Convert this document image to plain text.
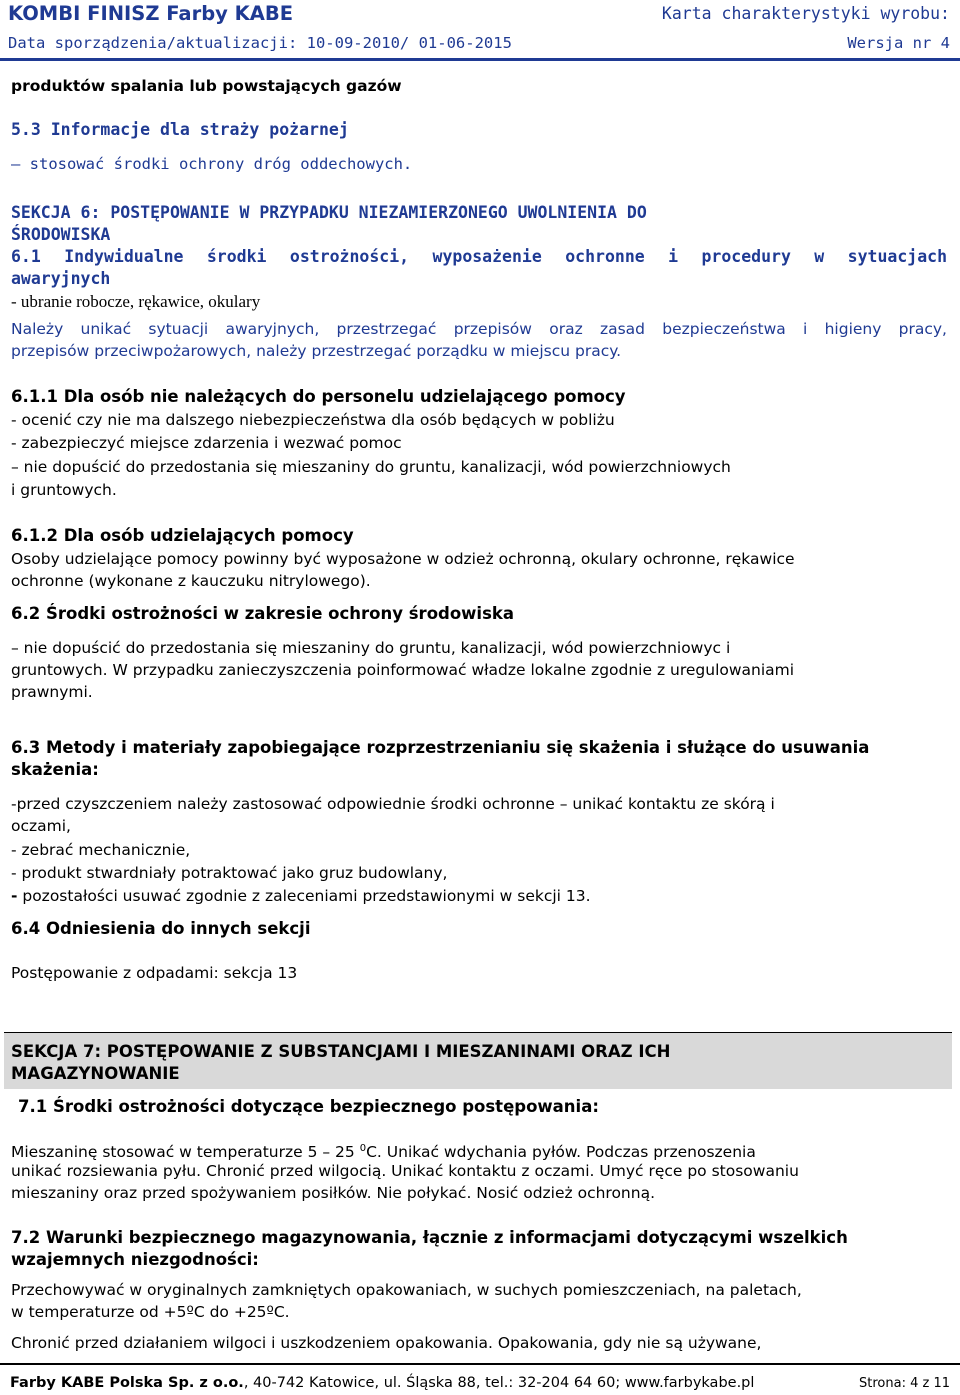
KOMBI FINISZ Farby KABE	Karta charakterystyki wyrobu:
Data sporządzenia/aktualizacji: 10-09-2010/ 01-06-2015	Wersja nr 4
produktów spalania lub powstających gazów
5.3 Informacje dla straży pożarnej
– stosować środki ochrony dróg oddechowych.
SEKCJA 6: POSTĘPOWANIE W PRZYPADKU NIEZAMIERZONEGO UWOLNIENIA DO
ŚRODOWISKA
6.1 Indywidualne środki ostrożności, wyposażenie ochronne i procedury w sytuacjach
awaryjnych
- ubranie robocze, rękawice, okulary
Należy unikać sytuacji awaryjnych, przestrzegać przepisów oraz zasad bezpieczeństwa i higieny pracy,
przepisów przeciwpożarowych, należy przestrzegać porządku w miejscu pracy.
6.1.1 Dla osób nie należących do personelu udzielającego pomocy
- ocenić czy nie ma dalszego niebezpieczeństwa dla osób będących w pobliżu
- zabezpieczyć miejsce zdarzenia i wezwać pomoc
– nie dopuścić do przedostania się mieszaniny do gruntu, kanalizacji, wód powierzchniowych
i gruntowych.
6.1.2 Dla osób udzielających pomocy
Osoby udzielające pomocy powinny być wyposażone w odzież ochronną, okulary ochronne, rękawice
ochronne (wykonane z kauczuku nitrylowego).
6.2 Środki ostrożności w zakresie ochrony środowiska
– nie dopuścić do przedostania się mieszaniny do gruntu, kanalizacji, wód powierzchniowyc i
gruntowych. W przypadku zanieczyszczenia poinformować władze lokalne zgodnie z uregulowaniami
prawnymi.
6.3 Metody i materiały zapobiegające rozprzestrzenianiu się skażenia i służące do usuwania
skażenia:
-przed czyszczeniem należy zastosować odpowiednie środki ochronne – unikać kontaktu ze skórą i
oczami,
- zebrać mechanicznie,
- produkt stwardniały potraktować jako gruz budowlany,
- pozostałości usuwać zgodnie z zaleceniami przedstawionymi w sekcji 13.
6.4 Odniesienia do innych sekcji
Postępowanie z odpadami: sekcja 13
SEKCJA 7: POSTĘPOWANIE Z SUBSTANCJAMI I MIESZANINAMI ORAZ ICH
MAGAZYNOWANIE
7.1 Środki ostrożności dotyczące bezpiecznego postępowania:
Mieszaninę stosować w temperaturze 5 – 25 $^0$C. Unikać wdychania pyłów. Podczas przenoszenia
unikać rozsiewania pyłu. Chronić przed wilgocią. Unikać kontaktu z oczami. Umyć ręce po stosowaniu
mieszaniny oraz przed spożywaniem posiłków. Nie połykać. Nosić odzież ochronną.
7.2 Warunki bezpiecznego magazynowania, łącznie z informacjami dotyczącymi wszelkich
wzajemnych niezgodności:
Przechowywać w oryginalnych zamkniętych opakowaniach, w suchych pomieszczeniach, na paletach,
w temperaturze od +5ºC do +25ºC.
Chronić przed działaniem wilgoci i uszkodzeniem opakowania. Opakowania, gdy nie są używane,
Farby KABE Polska Sp. z o.o., 40-742 Katowice, ul. Śląska 88, tel.: 32-204 64 60; www.farbykabe.pl	Strona: 4 z 11
